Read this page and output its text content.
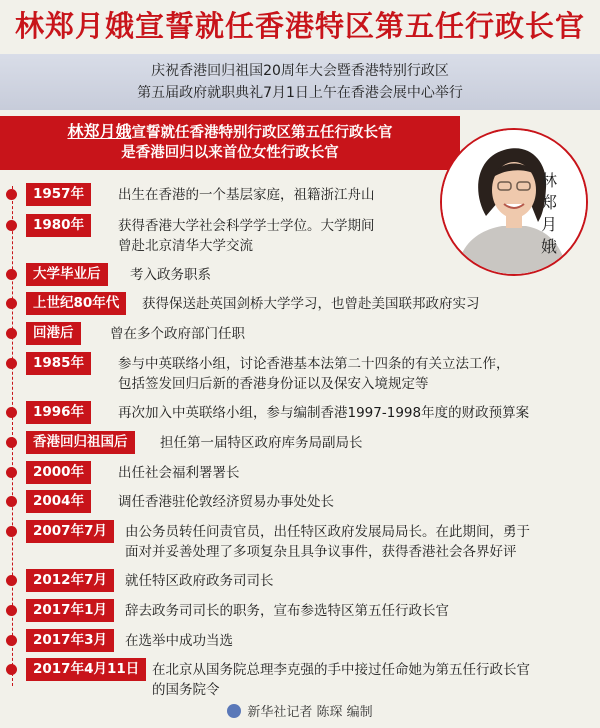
林郑月娥宣誓就任香港特区第五任行政长官
庆祝香港回归祖国20周年大会暨香港特别行政区
第五届政府就职典礼7月1日上午在香港会展中心举行
林郑月娥宣誓就任香港特别行政区第五任行政长官
是香港回归以来首位女性行政长官
林
郑
月
娥
1957年	出生在香港的一个基层家庭，祖籍浙江舟山
1980年	获得香港大学社会科学学士学位。大学期间
曾赴北京清华大学交流
大学毕业后	考入政务职系
上世纪80年代	获得保送赴英国剑桥大学学习，也曾赴美国联邦政府实习
回港后	曾在多个政府部门任职
1985年	参与中英联络小组，讨论香港基本法第二十四条的有关立法工作，
包括签发回归后新的香港身份证以及保安入境规定等
1996年	再次加入中英联络小组，参与编制香港1997-1998年度的财政预算案
香港回归祖国后	担任第一届特区政府库务局副局长
2000年	出任社会福利署署长
2004年	调任香港驻伦敦经济贸易办事处处长
2007年7月	由公务员转任问责官员，出任特区政府发展局局长。在此期间，勇于
面对并妥善处理了多项复杂且具争议事件，获得香港社会各界好评
2012年7月	就任特区政府政务司司长
2017年1月	辞去政务司司长的职务，宣布参选特区第五任行政长官
2017年3月	在选举中成功当选
2017年4月11日 在北京从国务院总理李克强的手中接过任命她为第五任行政长官
的国务院令
新华社记者 陈琛 编制
